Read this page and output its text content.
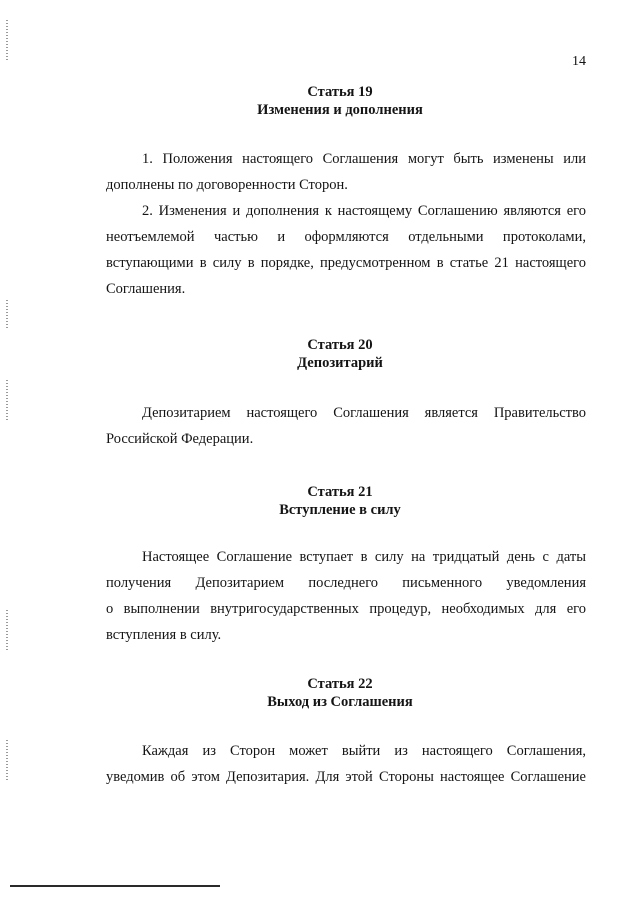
14
Статья 19
Изменения и дополнения
1. Положения настоящего Соглашения могут быть изменены или
дополнены по договоренности Сторон.
2. Изменения и дополнения к настоящему Соглашению являются его
неотъемлемой частью и оформляются отдельными протоколами,
вступающими в силу в порядке, предусмотренном в статье 21 настоящего
Соглашения.
Статья 20
Депозитарий
Депозитарием настоящего Соглашения является Правительство
Российской Федерации.
Статья 21
Вступление в силу
Настоящее Соглашение вступает в силу на тридцатый день с даты
получения Депозитарием последнего письменного уведомления
о выполнении внутригосударственных процедур, необходимых для его
вступления в силу.
Статья 22
Выход из Соглашения
Каждая из Сторон может выйти из настоящего Соглашения,
уведомив об этом Депозитария. Для этой Стороны настоящее Соглашение
